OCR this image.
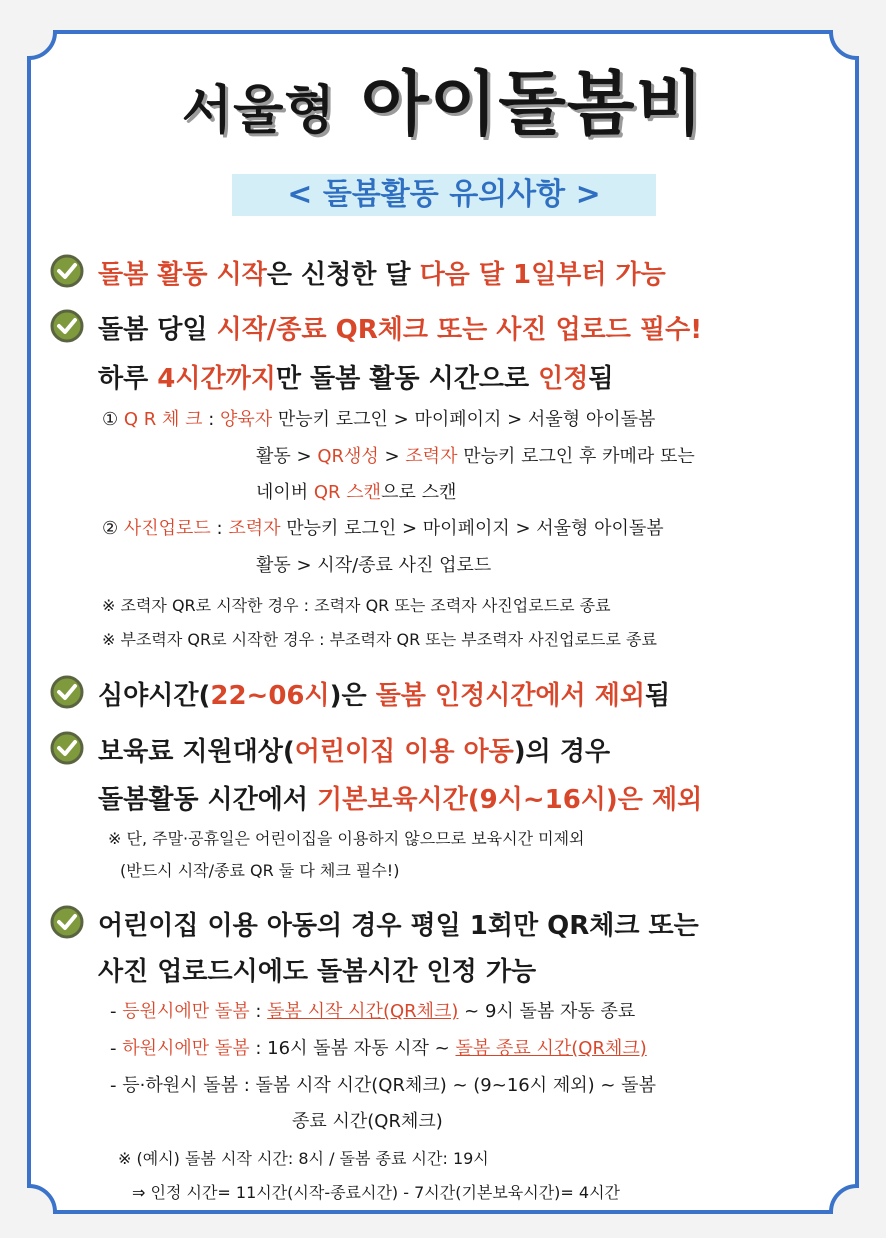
서울형 아이돌봄비
< 돌봄활동 유의사항 >
돌봄 활동 시작은 신청한 달 다음 달 1일부터 가능
돌봄 당일 시작/종료 QR체크 또는 사진 업로드 필수!
하루 4시간까지만 돌봄 활동 시간으로 인정됨
① Q R 체 크 : 양육자 만능키 로그인 > 마이페이지 > 서울형 아이돌봄
활동 > QR생성 > 조력자 만능키 로그인 후 카메라 또는
네이버 QR 스캔으로 스캔
② 사진업로드 : 조력자 만능키 로그인 > 마이페이지 > 서울형 아이돌봄
활동 > 시작/종료 사진 업로드
※ 조력자 QR로 시작한 경우 : 조력자 QR 또는 조력자 사진업로드로 종료
※ 부조력자 QR로 시작한 경우 : 부조력자 QR 또는 부조력자 사진업로드로 종료
심야시간(22~06시)은 돌봄 인정시간에서 제외됨
보육료 지원대상(어린이집 이용 아동)의 경우
돌봄활동 시간에서 기본보육시간(9시~16시)은 제외
※ 단, 주말·공휴일은 어린이집을 이용하지 않으므로 보육시간 미제외
(반드시 시작/종료 QR 둘 다 체크 필수!)
어린이집 이용 아동의 경우 평일 1회만 QR체크 또는
사진 업로드시에도 돌봄시간 인정 가능
- 등원시에만 돌봄 : 돌봄 시작 시간(QR체크) ~ 9시 돌봄 자동 종료
- 하원시에만 돌봄 : 16시 돌봄 자동 시작 ~ 돌봄 종료 시간(QR체크)
- 등·하원시 돌봄 : 돌봄 시작 시간(QR체크) ~ (9~16시 제외) ~ 돌봄
종료 시간(QR체크)
※ (예시) 돌봄 시작 시간: 8시 / 돌봄 종료 시간: 19시
⇒ 인정 시간= 11시간(시작-종료시간) - 7시간(기본보육시간)= 4시간
